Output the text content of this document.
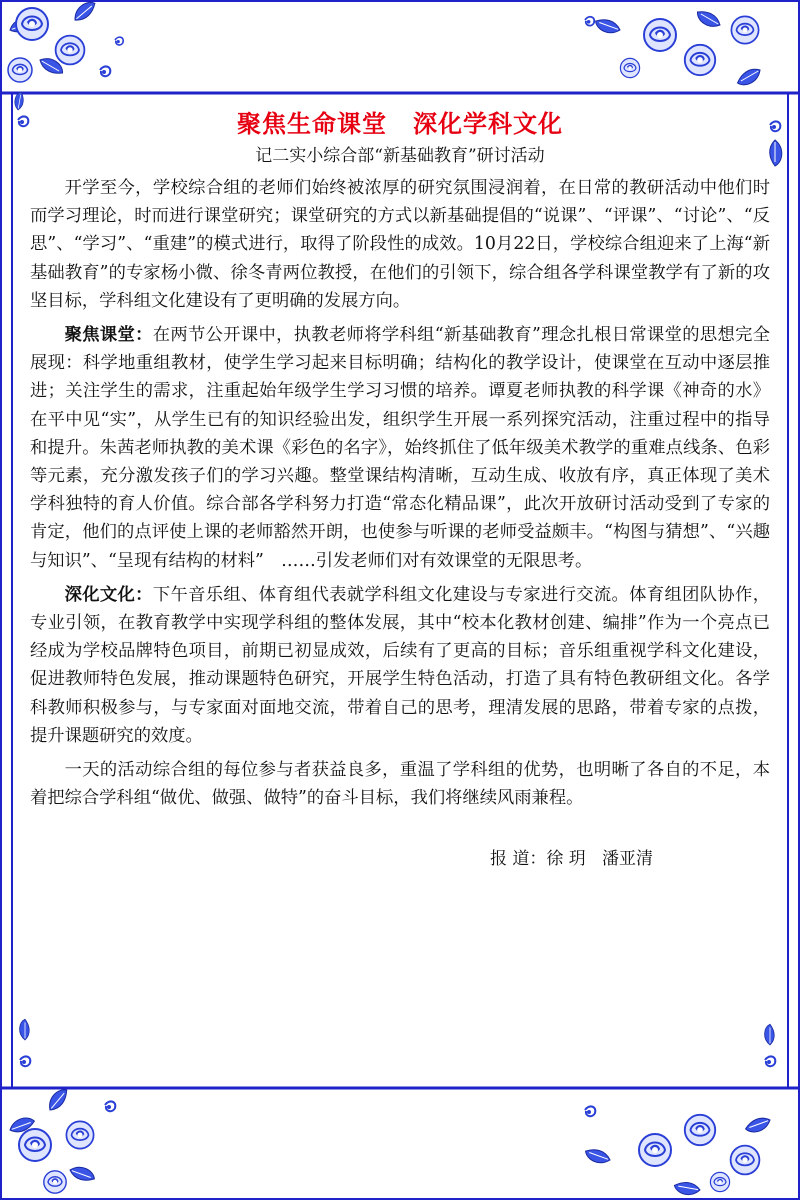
聚焦生命课堂 深化学科文化
记二实小综合部“新基础教育”研讨活动

开学至今，学校综合组的老师们始终被浓厚的研究氛围浸润着，在日常的教研活动中他们时而学习理论，时而进行课堂研究；课堂研究的方式以新基础提倡的“说课”、“评课”、“讨论”、“反思”、“学习”、“重建”的模式进行，取得了阶段性的成效。10月22日，学校综合组迎来了上海“新基础教育”的专家杨小微、徐冬青两位教授，在他们的引领下，综合组各学科课堂教学有了新的攻坚目标，学科组文化建设有了更明确的发展方向。

聚焦课堂：在两节公开课中，执教老师将学科组“新基础教育”理念扎根日常课堂的思想完全展现：科学地重组教材，使学生学习起来目标明确；结构化的教学设计，使课堂在互动中逐层推进；关注学生的需求，注重起始年级学生学习习惯的培养。谭夏老师执教的科学课《神奇的水》在平中见“实”，从学生已有的知识经验出发，组织学生开展一系列探究活动，注重过程中的指导和提升。朱茜老师执教的美术课《彩色的名字》，始终抓住了低年级美术教学的重难点线条、色彩等元素，充分激发孩子们的学习兴趣。整堂课结构清晰，互动生成、收放有序，真正体现了美术学科独特的育人价值。综合部各学科努力打造“常态化精品课”，此次开放研讨活动受到了专家的肯定，他们的点评使上课的老师豁然开朗，也使参与听课的老师受益颇丰。“构图与猜想”、“兴趣与知识”、“呈现有结构的材料”　……引发老师们对有效课堂的无限思考。

深化文化：下午音乐组、体育组代表就学科组文化建设与专家进行交流。体育组团队协作，专业引领，在教育教学中实现学科组的整体发展，其中“校本化教材创建、编排”作为一个亮点已经成为学校品牌特色项目，前期已初显成效，后续有了更高的目标；音乐组重视学科文化建设，促进教师特色发展，推动课题特色研究，开展学生特色活动，打造了具有特色教研组文化。各学科教师积极参与，与专家面对面地交流，带着自己的思考，理清发展的思路，带着专家的点拨，提升课题研究的效度。

一天的活动综合组的每位参与者获益良多，重温了学科组的优势，也明晰了各自的不足，本着把综合学科组“做优、做强、做特”的奋斗目标，我们将继续风雨兼程。

报 道：徐 玥   潘亚清
